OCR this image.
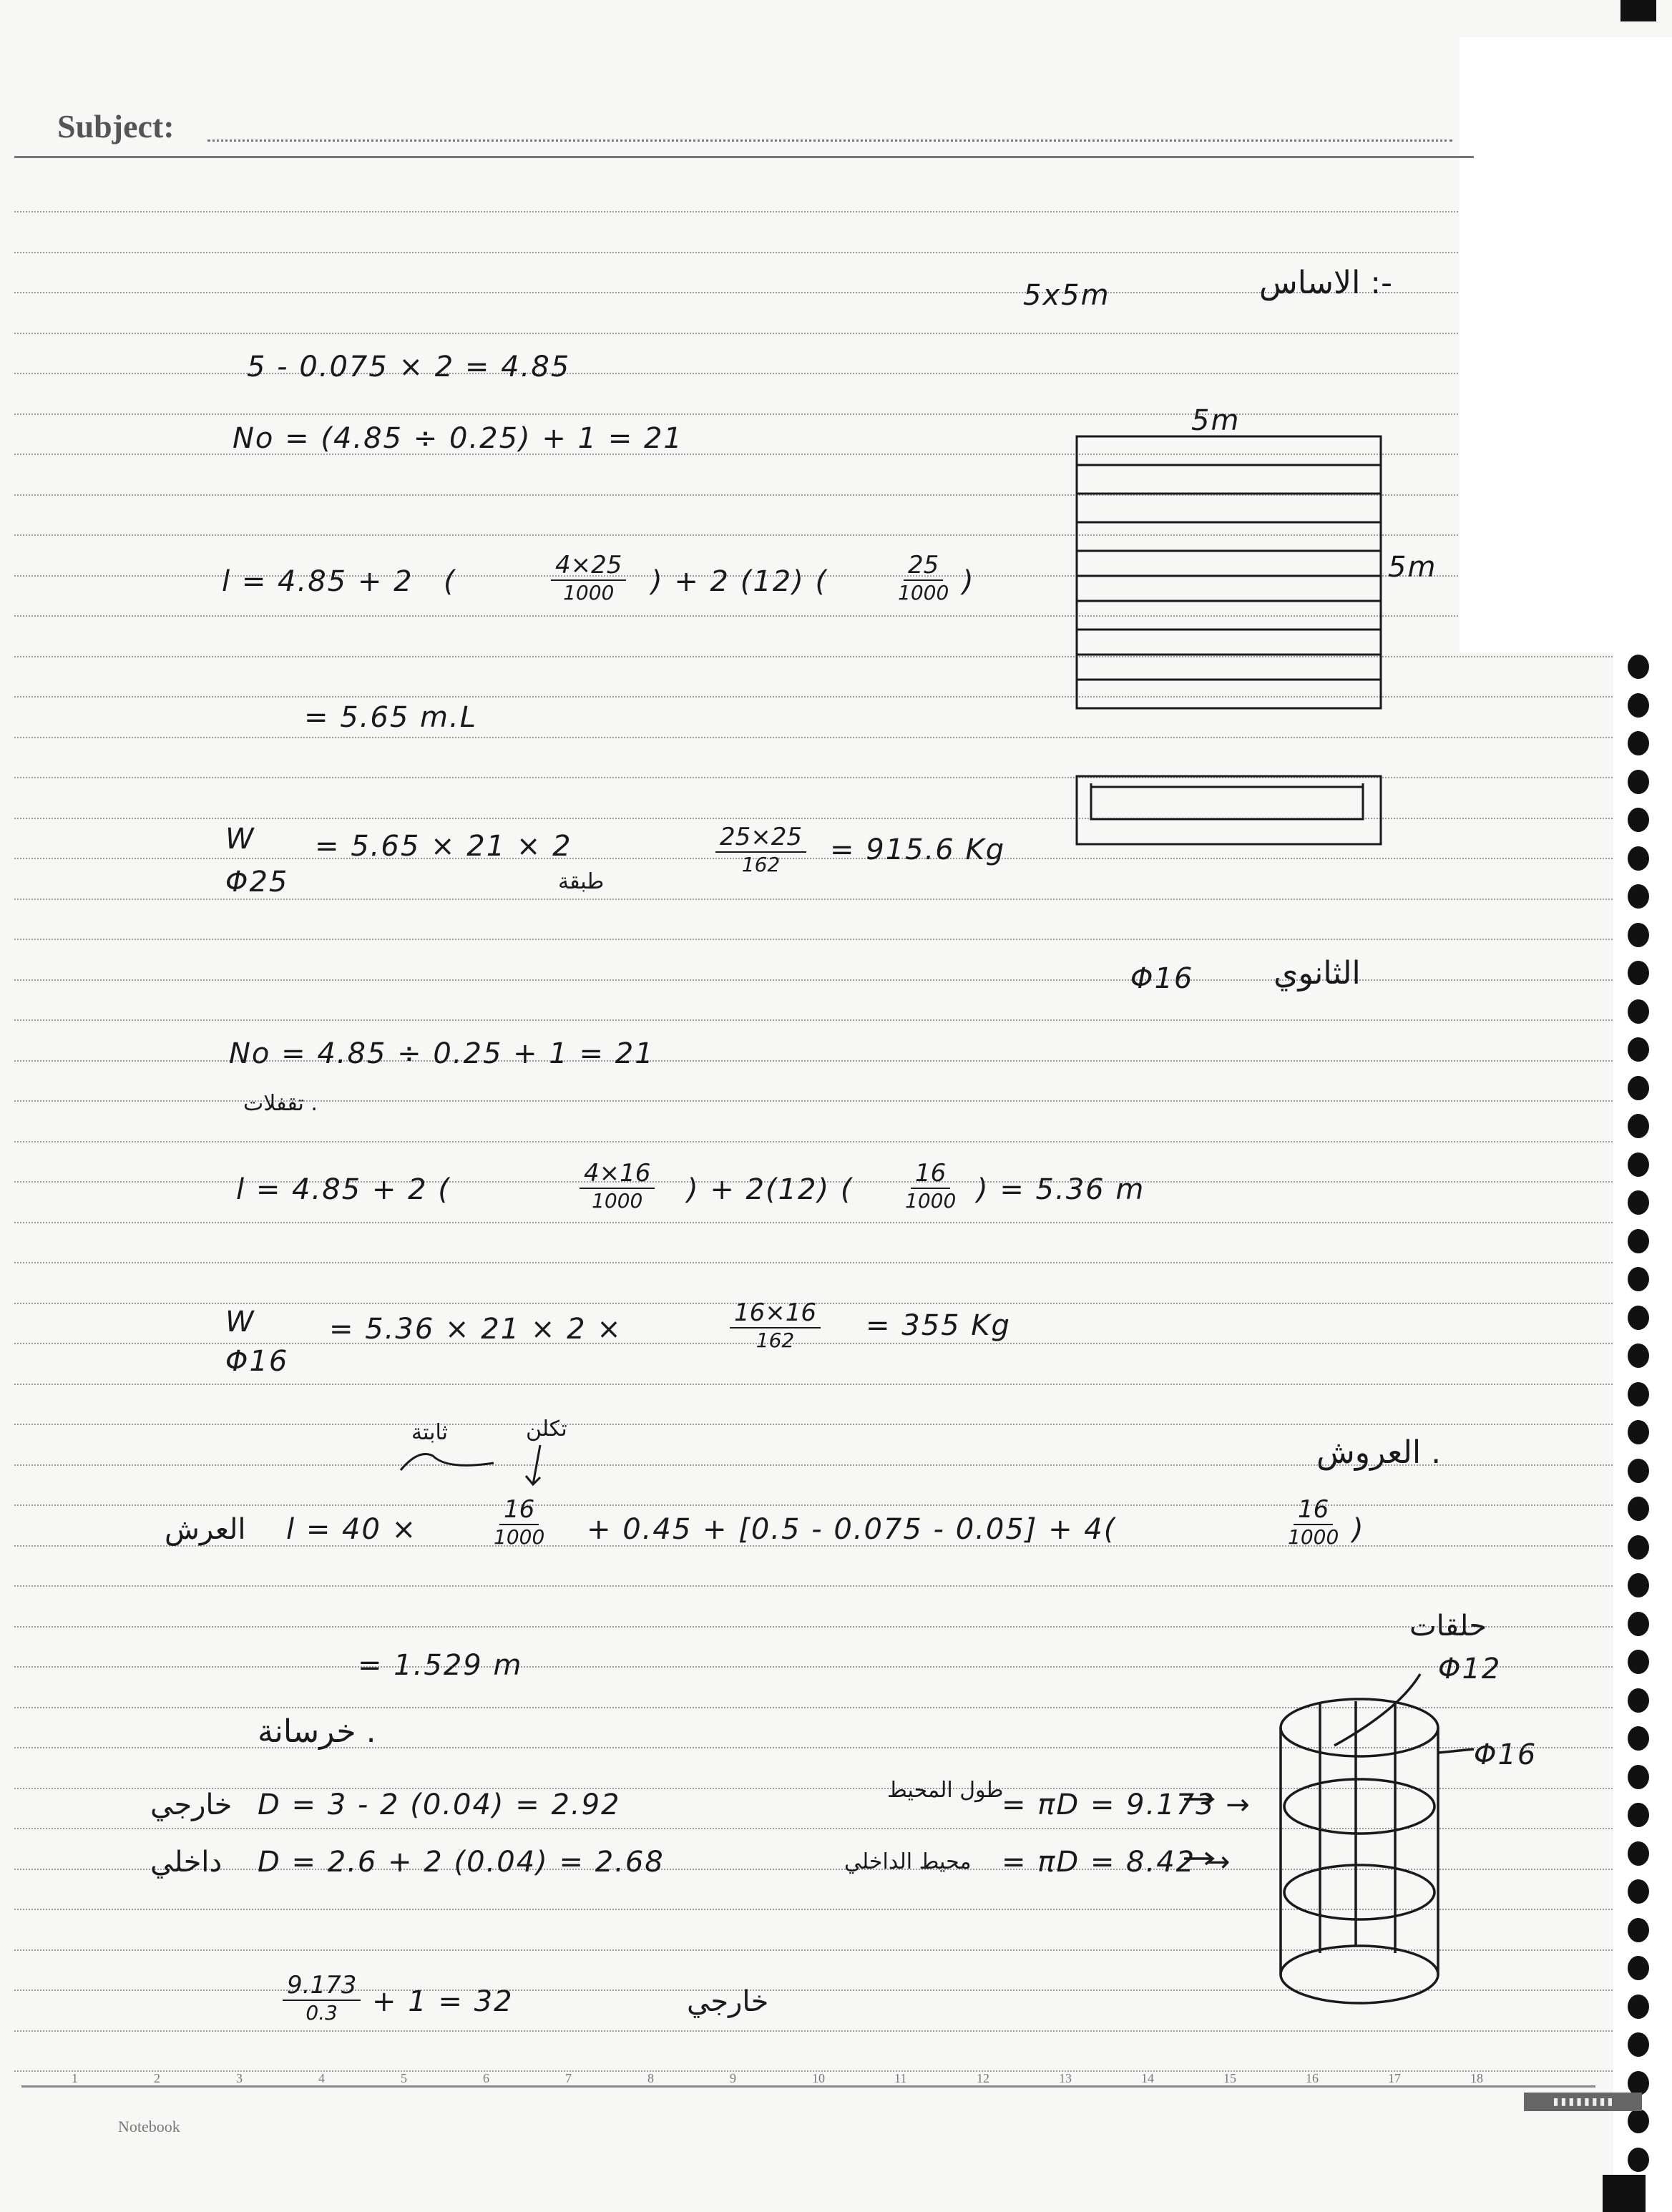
Subject:
الاساس :-
5x5m
5 - 0.075 × 2 = 4.85
No = (4.85 ÷ 0.25) + 1 = 21
l = 4.85 + 2 (	4×25
1000 ) + 2 (12) (	25
1000 )
= 5.65 m.L
W
Φ25
= 5.65 × 21 × 2
طبقة
25×25
162 = 915.6 Kg
5m
5m
الثانوي
Φ16
No = 4.85 ÷ 0.25 + 1 = 21
تقفلات .
l = 4.85 + 2 (	4×16
1000 ) + 2(12) (	16
1000 ) = 5.36 m
W
Φ16
= 5.36 × 21 × 2 ×	16×16
162 = 355 Kg
ثابتة	تكلن
العروش .
العرش l = 40 ×
16
1000 + 0.45 + [0.5 - 0.075 - 0.05] + 4(
16
1000 )
= 1.529 m
خرسانة .
حلقات
Φ12
Φ16
خارجي D = 3 - 2 (0.04) = 2.92	طول المحيط
= πD = 9.173 →
داخلي D = 2.6 + 2 (0.04) = 2.68	محيط الداخلي = πD = 8.42 →
9.173
0.3 + 1 = 32	خارجي
1	2	3	4	5	6	7	8	9	10	11	12	13	14	15	16	17	18
Notebook
▮▮▮▮▮▮▮▮
